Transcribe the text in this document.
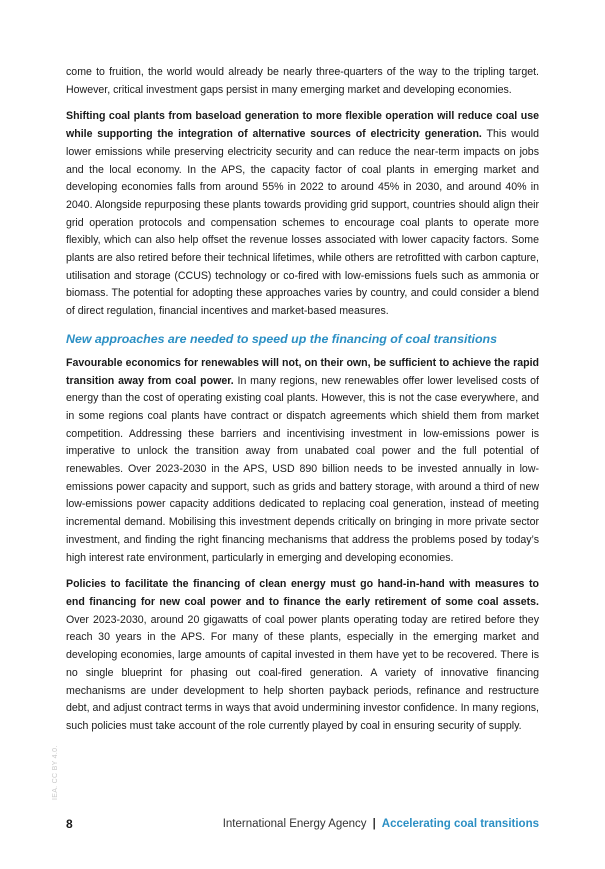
come to fruition, the world would already be nearly three-quarters of the way to the tripling target. However, critical investment gaps persist in many emerging market and developing economies.

Shifting coal plants from baseload generation to more flexible operation will reduce coal use while supporting the integration of alternative sources of electricity generation. This would lower emissions while preserving electricity security and can reduce the near-term impacts on jobs and the local economy. In the APS, the capacity factor of coal plants in emerging market and developing economies falls from around 55% in 2022 to around 45% in 2030, and around 40% in 2040. Alongside repurposing these plants towards providing grid support, countries should align their grid operation protocols and compensation schemes to encourage coal plants to operate more flexibly, which can also help offset the revenue losses associated with lower capacity factors. Some plants are also retired before their technical lifetimes, while others are retrofitted with carbon capture, utilisation and storage (CCUS) technology or co-fired with low-emissions fuels such as ammonia or biomass. The potential for adopting these approaches varies by country, and could consider a blend of direct regulation, financial incentives and market-based measures.

New approaches are needed to speed up the financing of coal transitions

Favourable economics for renewables will not, on their own, be sufficient to achieve the rapid transition away from coal power. In many regions, new renewables offer lower levelised costs of energy than the cost of operating existing coal plants. However, this is not the case everywhere, and in some regions coal plants have contract or dispatch agreements which shield them from market competition. Addressing these barriers and incentivising investment in low-emissions power is imperative to unlock the transition away from unabated coal power and the full potential of renewables. Over 2023-2030 in the APS, USD 890 billion needs to be invested annually in low-emissions power capacity and support, such as grids and battery storage, with around a third of new low-emissions power capacity additions dedicated to replacing coal generation, instead of meeting incremental demand. Mobilising this investment depends critically on bringing in more private sector investment, and finding the right financing mechanisms that address the problems posed by today’s high interest rate environment, particularly in emerging and developing economies.

Policies to facilitate the financing of clean energy must go hand-in-hand with measures to end financing for new coal power and to finance the early retirement of some coal assets. Over 2023-2030, around 20 gigawatts of coal power plants operating today are retired before they reach 30 years in the APS. For many of these plants, especially in the emerging market and developing economies, large amounts of capital invested in them have yet to be recovered. There is no single blueprint for phasing out coal-fired generation. A variety of innovative financing mechanisms are under development to help shorten payback periods, refinance and restructure debt, and adjust contract terms in ways that avoid undermining investor confidence. In many regions, such policies must take account of the role currently played by coal in ensuring security of supply.

IEA. CC BY 4.0.
8	International Energy Agency | Accelerating coal transitions
